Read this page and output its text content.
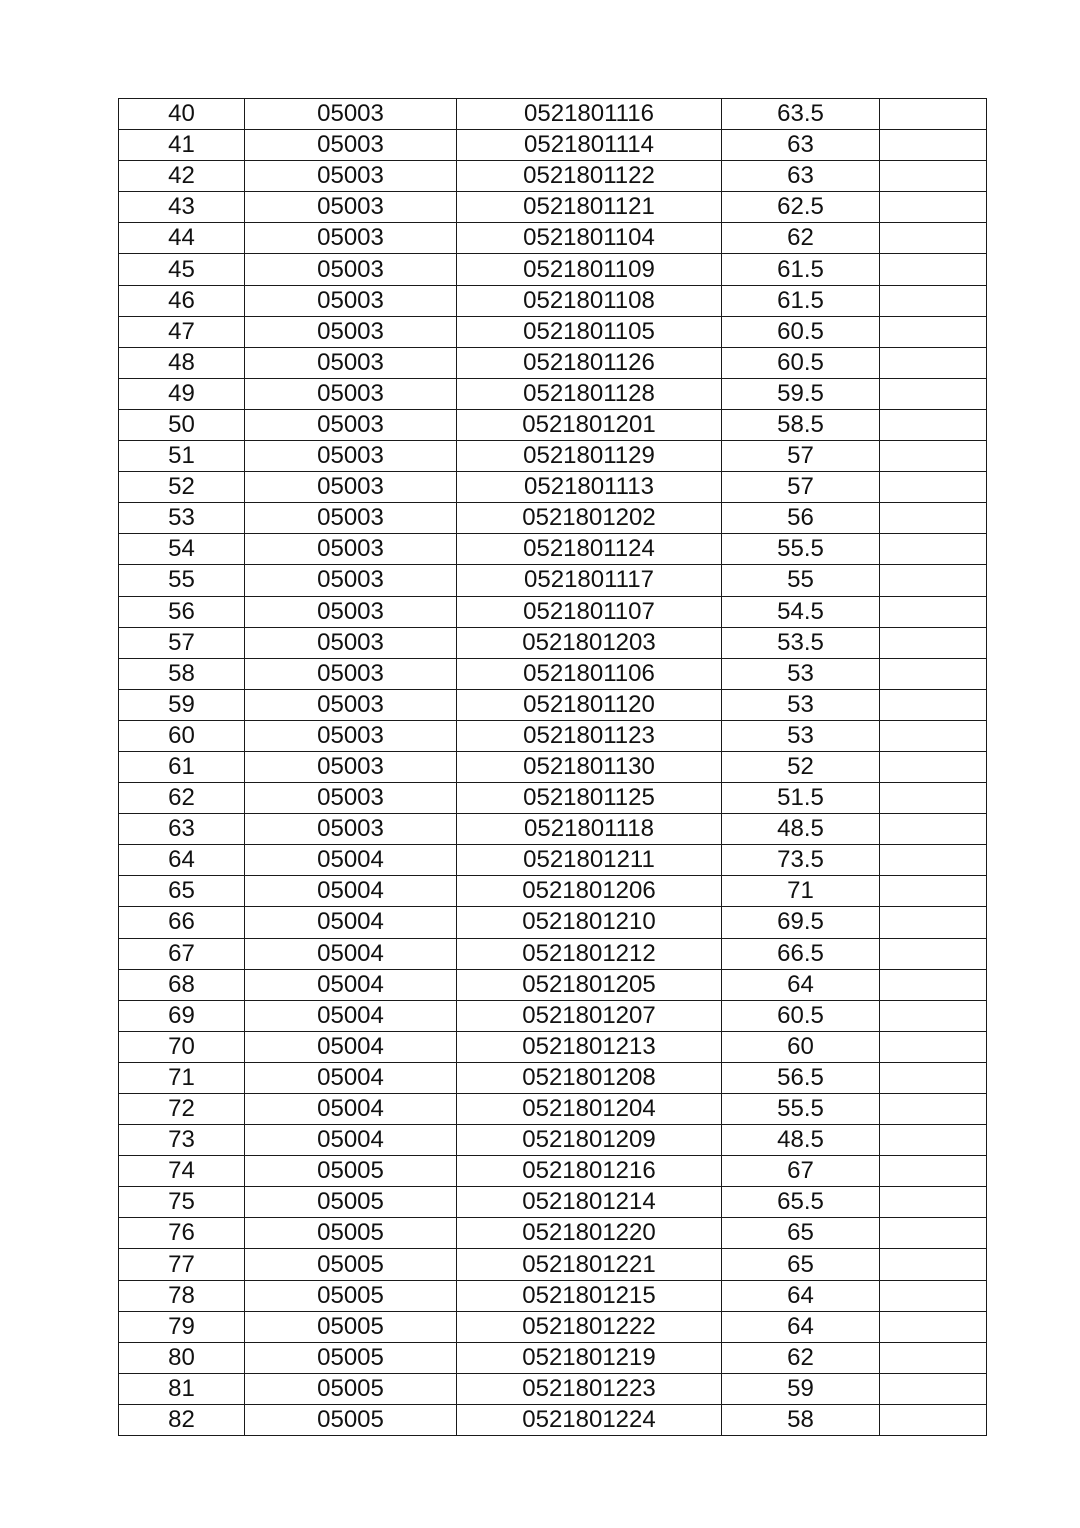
40	05003	0521801116	63.5	
41	05003	0521801114	63	
42	05003	0521801122	63	
43	05003	0521801121	62.5	
44	05003	0521801104	62	
45	05003	0521801109	61.5	
46	05003	0521801108	61.5	
47	05003	0521801105	60.5	
48	05003	0521801126	60.5	
49	05003	0521801128	59.5	
50	05003	0521801201	58.5	
51	05003	0521801129	57	
52	05003	0521801113	57	
53	05003	0521801202	56	
54	05003	0521801124	55.5	
55	05003	0521801117	55	
56	05003	0521801107	54.5	
57	05003	0521801203	53.5	
58	05003	0521801106	53	
59	05003	0521801120	53	
60	05003	0521801123	53	
61	05003	0521801130	52	
62	05003	0521801125	51.5	
63	05003	0521801118	48.5	
64	05004	0521801211	73.5	
65	05004	0521801206	71	
66	05004	0521801210	69.5	
67	05004	0521801212	66.5	
68	05004	0521801205	64	
69	05004	0521801207	60.5	
70	05004	0521801213	60	
71	05004	0521801208	56.5	
72	05004	0521801204	55.5	
73	05004	0521801209	48.5	
74	05005	0521801216	67	
75	05005	0521801214	65.5	
76	05005	0521801220	65	
77	05005	0521801221	65	
78	05005	0521801215	64	
79	05005	0521801222	64	
80	05005	0521801219	62	
81	05005	0521801223	59	
82	05005	0521801224	58	
